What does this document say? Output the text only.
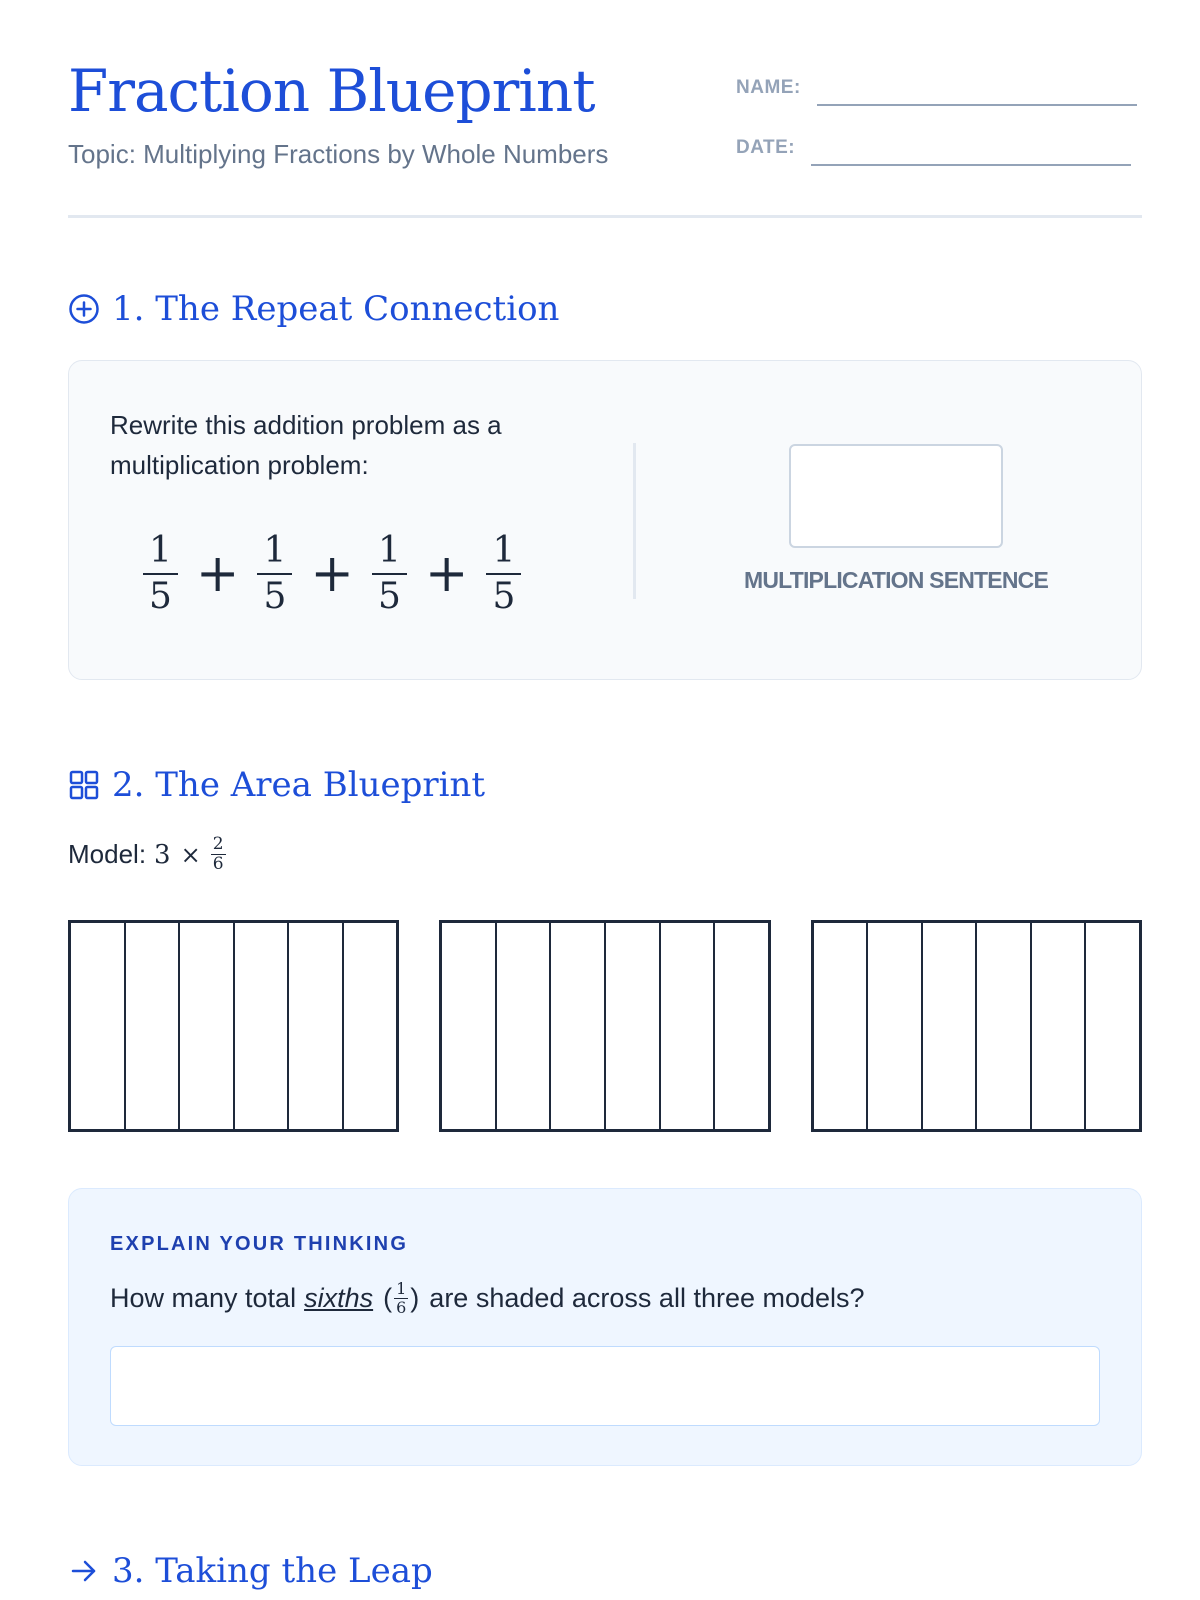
Fraction Blueprint
Topic: Multiplying Fractions by Whole Numbers
NAME:
DATE:
1. The Repeat Connection
Rewrite this addition problem as a multiplication problem:
$\frac{1}{5} + \frac{1}{5} + \frac{1}{5} + \frac{1}{5}$	MULTIPLICATION SENTENCE
2. The Area Blueprint
Model: $3 \times \frac{2}{6}$
EXPLAIN YOUR THINKING
How many total sixths ( $\frac{1}{6}$ ) are shaded across all three models?
3. Taking the Leap
